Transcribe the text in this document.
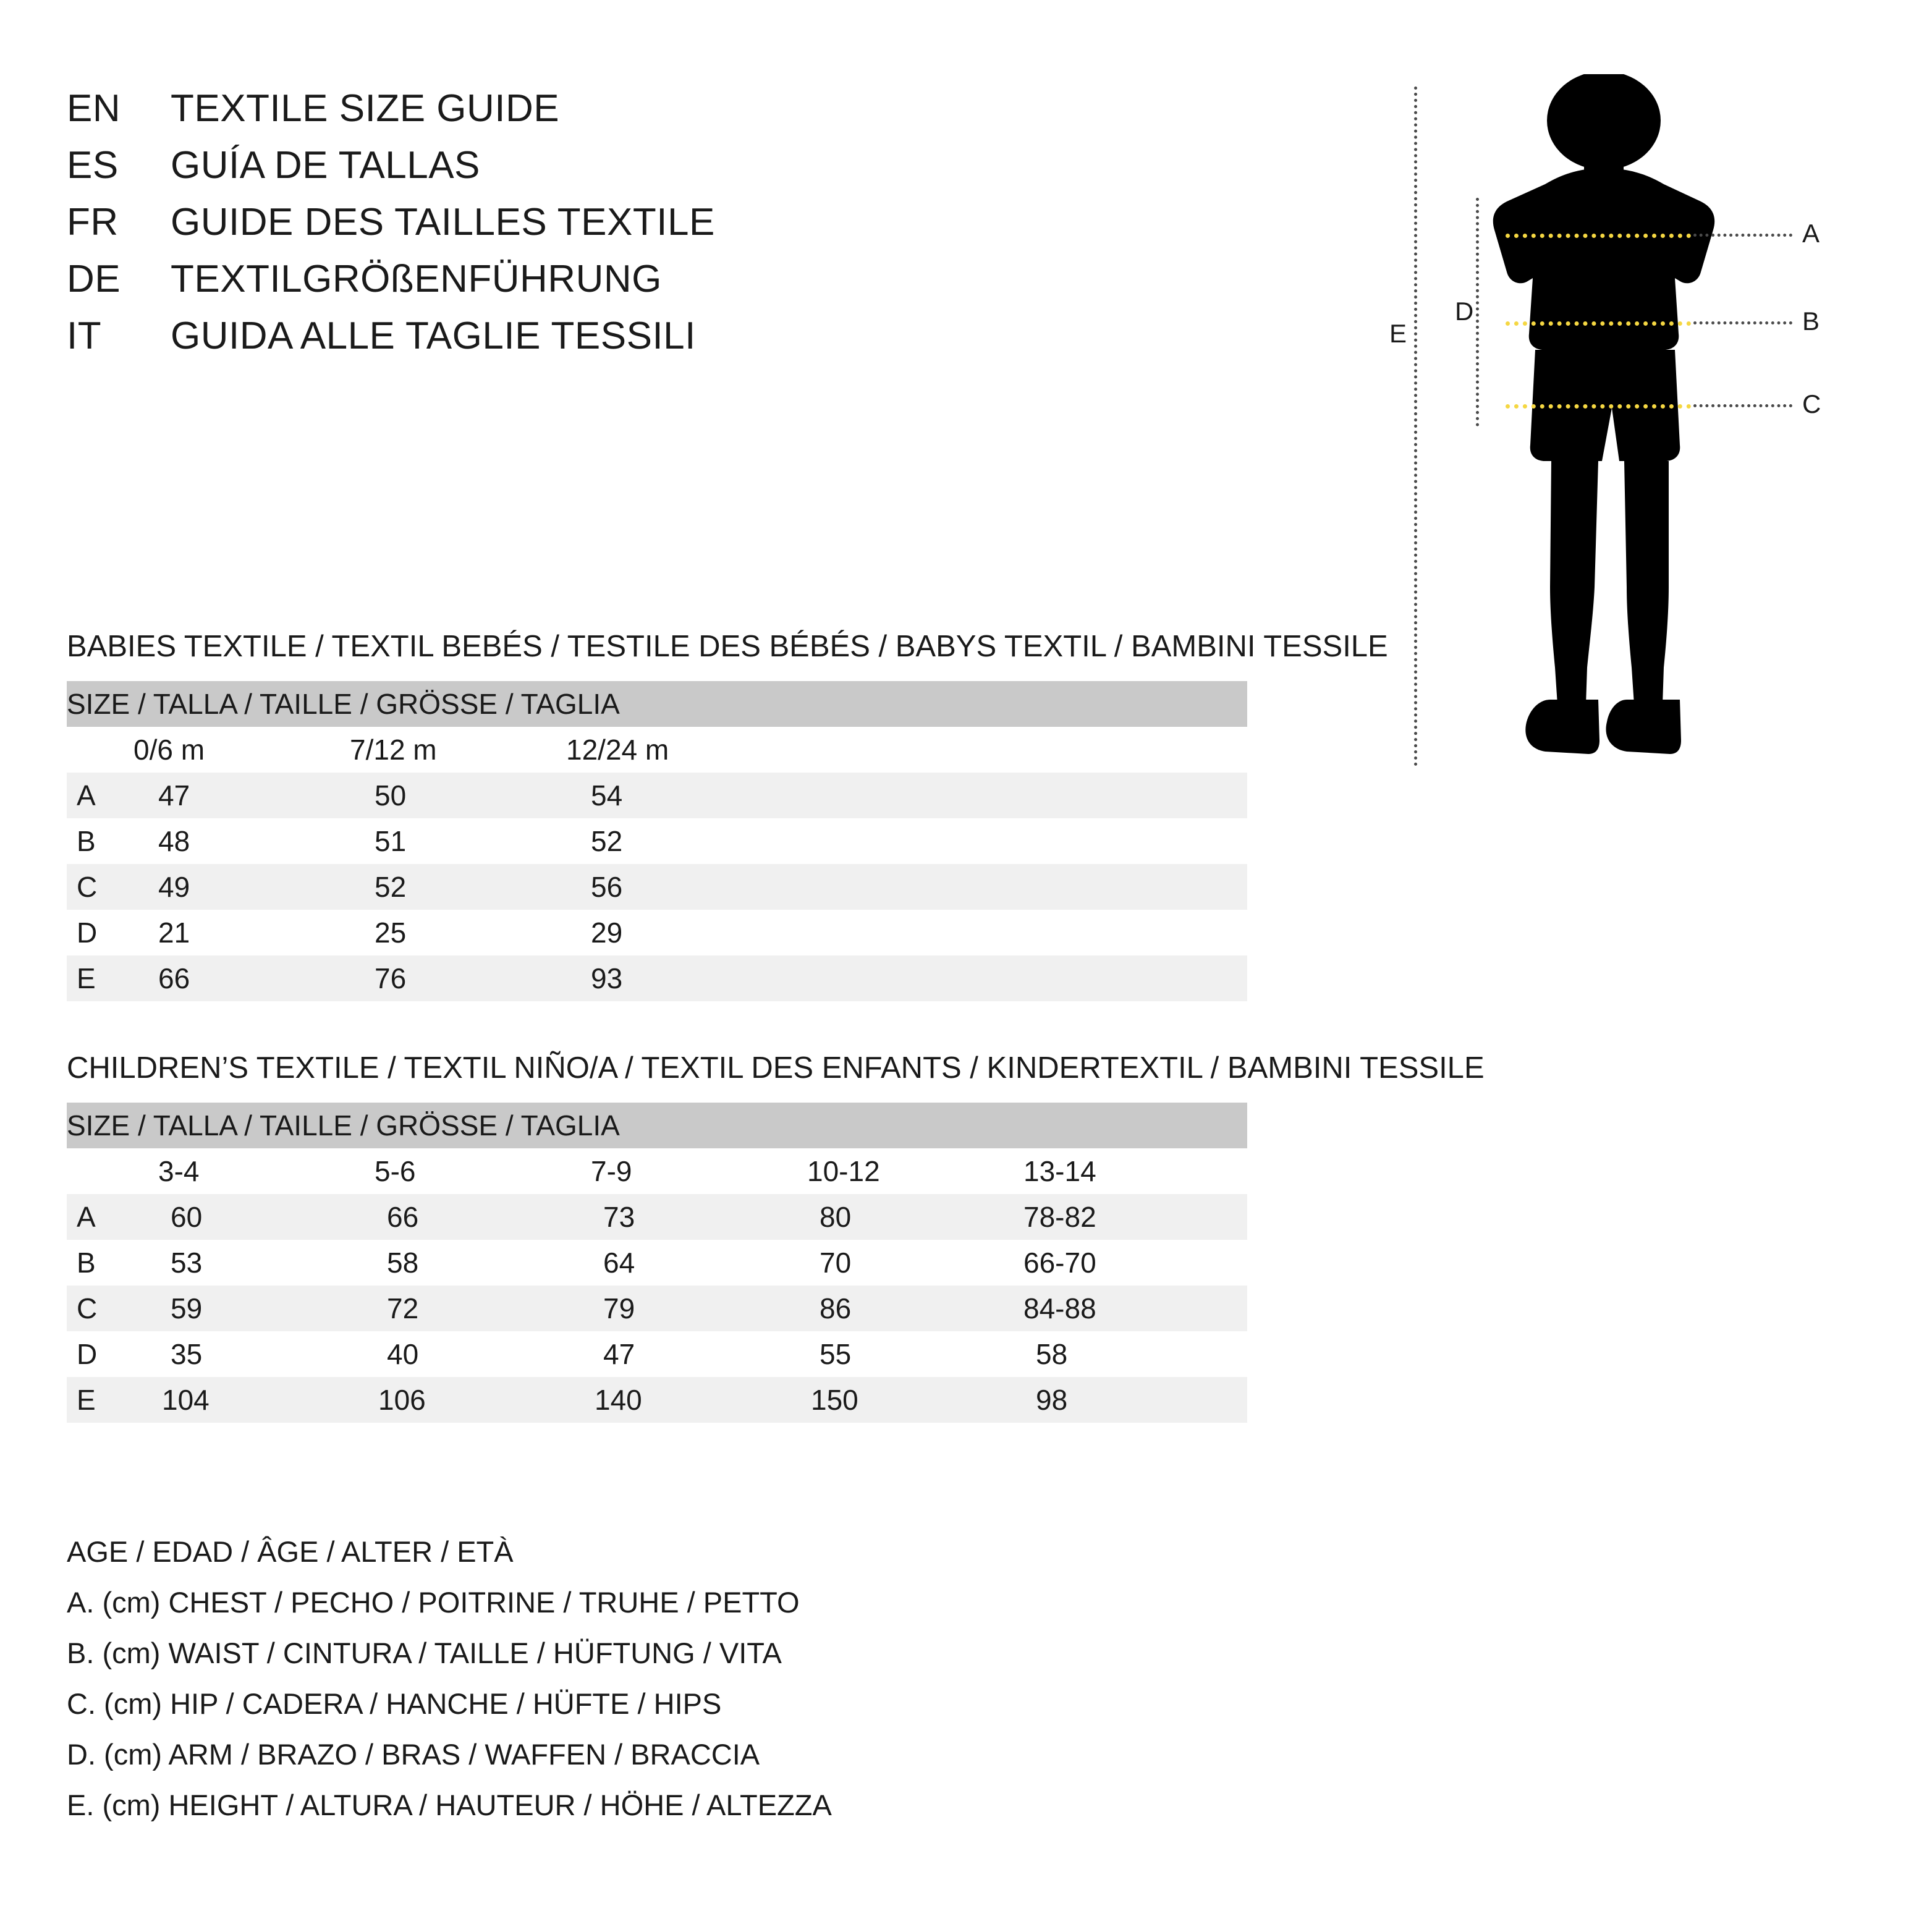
EN	TEXTILE SIZE GUIDE
ES	GUÍA DE TALLAS
FR	GUIDE DES TAILLES TEXTILE
DE	TEXTILGRÖßENFÜHRUNG
IT	GUIDA ALLE TAGLIE TESSILI
BABIES TEXTILE / TEXTIL BEBÉS / TESTILE DES BÉBÉS / BABYS TEXTIL / BAMBINI TESSILE
SIZE / TALLA / TAILLE / GRÖSSE / TAGLIA				
	0/6 m	7/12 m	12/24 m	
A	47	50	54	
B	48	51	52	
C	49	52	56	
D	21	25	29	
E	66	76	93	
CHILDREN’S TEXTILE / TEXTIL NIÑO/A / TEXTIL DES ENFANTS / KINDERTEXTIL / BAMBINI TESSILE
SIZE / TALLA / TAILLE / GRÖSSE / TAGLIA					
	3-4	5-6	7-9	10-12	13-14
A	60	66	73	80	78-82
B	53	58	64	70	66-70
C	59	72	79	86	84-88
D	35	40	47	55	58
E	104	106	140	150	98
AGE / EDAD / ÂGE / ALTER / ETÀ
A. (cm) CHEST / PECHO / POITRINE / TRUHE / PETTO
B. (cm) WAIST / CINTURA / TAILLE / HÜFTUNG / VITA
C. (cm) HIP / CADERA / HANCHE / HÜFTE / HIPS
D. (cm) ARM / BRAZO / BRAS / WAFFEN / BRACCIA
E. (cm) HEIGHT / ALTURA / HAUTEUR / HÖHE / ALTEZZA
A
B
C
D
E
